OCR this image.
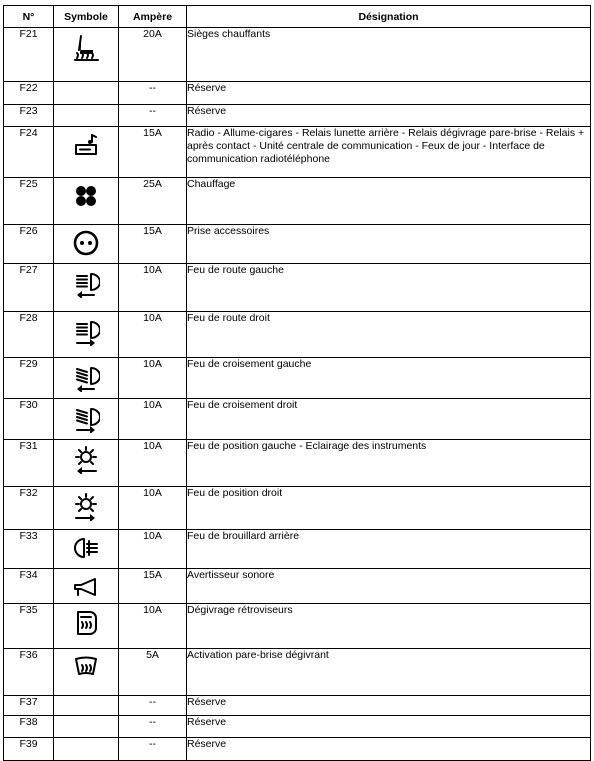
N°	Symbole	Ampère	Désignation
F21		20A	Sièges chauffants
F22		--	Réserve
F23		--	Réserve
F24		15A	Radio - Allume-cigares - Relais lunette arrière - Relais dégivrage pare-brise - Relais + après contact - Unité centrale de communication - Feux de jour - Interface de communication radiotéléphone
F25		25A	Chauffage
F26		15A	Prise accessoires
F27		10A	Feu de route gauche
F28		10A	Feu de route droit
F29		10A	Feu de croisement gauche
F30		10A	Feu de croisement droit
F31		10A	Feu de position gauche - Eclairage des instruments
F32		10A	Feu de position droit
F33		10A	Feu de brouillard arrière
F34		15A	Avertisseur sonore
F35		10A	Dégivrage rétroviseurs
F36		5A	Activation pare-brise dégivrant
F37		--	Réserve
F38		--	Réserve
F39		--	Réserve
